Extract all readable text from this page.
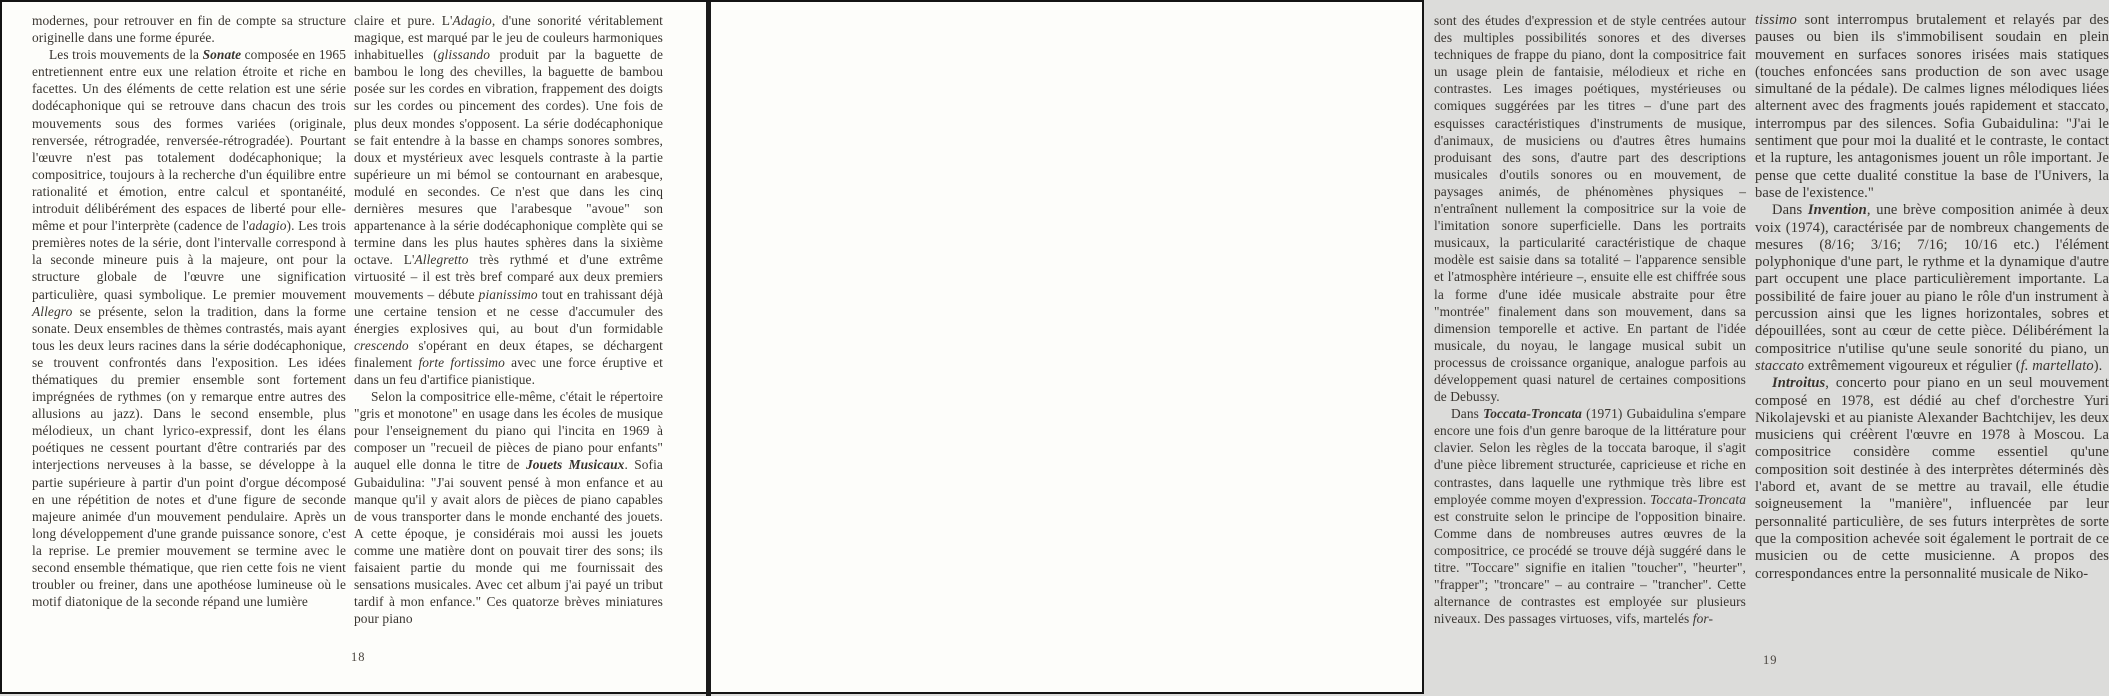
modernes, pour retrouver en fin de compte sa structure originelle dans une forme épurée.

Les trois mouvements de la Sonate composée en 1965 entretiennent entre eux une relation étroite et riche en facettes. Un des éléments de cette relation est une série dodécaphonique qui se retrouve dans chacun des trois mouvements sous des formes variées (originale, renversée, rétrogradée, renversée-rétrogradée). Pourtant l'œuvre n'est pas totalement dodécaphonique; la compositrice, toujours à la recherche d'un équilibre entre rationalité et émotion, entre calcul et spontanéité, introduit délibérément des espaces de liberté pour elle-même et pour l'interprète (cadence de l'adagio). Les trois premières notes de la série, dont l'intervalle correspond à la seconde mineure puis à la majeure, ont pour la structure globale de l'œuvre une signification particulière, quasi symbolique. Le premier mouvement Allegro se présente, selon la tradition, dans la forme sonate. Deux ensembles de thèmes contrastés, mais ayant tous les deux leurs racines dans la série dodécaphonique, se trouvent confrontés dans l'exposition. Les idées thématiques du premier ensemble sont fortement imprégnées de rythmes (on y remarque entre autres des allusions au jazz). Dans le second ensemble, plus mélodieux, un chant lyrico-expressif, dont les élans poétiques ne cessent pourtant d'être contrariés par des interjections nerveuses à la basse, se développe à la partie supérieure à partir d'un point d'orgue décomposé en une répétition de notes et d'une figure de seconde majeure animée d'un mouvement pendulaire. Après un long développement d'une grande puissance sonore, c'est la reprise. Le premier mouvement se termine avec le second ensemble thématique, que rien cette fois ne vient troubler ou freiner, dans une apothéose lumineuse où le motif diatonique de la seconde répand une lumière

claire et pure. L'Adagio, d'une sonorité véritablement magique, est marqué par le jeu de couleurs harmoniques inhabituelles (glissando produit par la baguette de bambou le long des chevilles, la baguette de bambou posée sur les cordes en vibration, frappement des doigts sur les cordes ou pincement des cordes). Une fois de plus deux mondes s'opposent. La série dodécaphonique se fait entendre à la basse en champs sonores sombres, doux et mystérieux avec lesquels contraste à la partie supérieure un mi bémol se contournant en arabesque, modulé en secondes. Ce n'est que dans les cinq dernières mesures que l'arabesque "avoue" son appartenance à la série dodécaphonique complète qui se termine dans les plus hautes sphères dans la sixième octave. L'Allegretto très rythmé et d'une extrême virtuosité – il est très bref comparé aux deux premiers mouvements – débute pianissimo tout en trahissant déjà une certaine tension et ne cesse d'accumuler des énergies explosives qui, au bout d'un formidable crescendo s'opérant en deux étapes, se déchargent finalement forte fortissimo avec une force éruptive et dans un feu d'artifice pianistique.

Selon la compositrice elle-même, c'était le répertoire "gris et monotone" en usage dans les écoles de musique pour l'enseignement du piano qui l'incita en 1969 à composer un "recueil de pièces de piano pour enfants" auquel elle donna le titre de Jouets Musicaux. Sofia Gubaidulina: "J'ai souvent pensé à mon enfance et au manque qu'il y avait alors de pièces de piano capables de vous transporter dans le monde enchanté des jouets. A cette époque, je considérais moi aussi les jouets comme une matière dont on pouvait tirer des sons; ils faisaient partie du monde qui me fournissait des sensations musicales. Avec cet album j'ai payé un tribut tardif à mon enfance." Ces quatorze brèves miniatures pour piano

18

sont des études d'expression et de style centrées autour des multiples possibilités sonores et des diverses techniques de frappe du piano, dont la compositrice fait un usage plein de fantaisie, mélodieux et riche en contrastes. Les images poétiques, mystérieuses ou comiques suggérées par les titres – d'une part des esquisses caractéristiques d'instruments de musique, d'animaux, de musiciens ou d'autres êtres humains produisant des sons, d'autre part des descriptions musicales d'outils sonores ou en mouvement, de paysages animés, de phénomènes physiques – n'entraînent nullement la compositrice sur la voie de l'imitation sonore superficielle. Dans les portraits musicaux, la particularité caractéristique de chaque modèle est saisie dans sa totalité – l'apparence sensible et l'atmosphère intérieure –, ensuite elle est chiffrée sous la forme d'une idée musicale abstraite pour être "montrée" finalement dans son mouvement, dans sa dimension temporelle et active. En partant de l'idée musicale, du noyau, le langage musical subit un processus de croissance organique, analogue parfois au développement quasi naturel de certaines compositions de Debussy.

Dans Toccata-Troncata (1971) Gubaidulina s'empare encore une fois d'un genre baroque de la littérature pour clavier. Selon les règles de la toccata baroque, il s'agit d'une pièce librement structurée, capricieuse et riche en contrastes, dans laquelle une rythmique très libre est employée comme moyen d'expression. Toccata-Troncata est construite selon le principe de l'opposition binaire. Comme dans de nombreuses autres œuvres de la compositrice, ce procédé se trouve déjà suggéré dans le titre. "Toccare" signifie en italien "toucher", "heurter", "frapper"; "troncare" – au contraire – "trancher". Cette alternance de contrastes est employée sur plusieurs niveaux. Des passages virtuoses, vifs, martelés for-

tissimo sont interrompus brutalement et relayés par des pauses ou bien ils s'immobilisent soudain en plein mouvement en surfaces sonores irisées mais statiques (touches enfoncées sans production de son avec usage simultané de la pédale). De calmes lignes mélodiques liées alternent avec des fragments joués rapidement et staccato, interrompus par des silences. Sofia Gubaidulina: "J'ai le sentiment que pour moi la dualité et le contraste, le contact et la rupture, les antagonismes jouent un rôle important. Je pense que cette dualité constitue la base de l'Univers, la base de l'existence."

Dans Invention, une brève composition animée à deux voix (1974), caractérisée par de nombreux changements de mesures (8/16; 3/16; 7/16; 10/16 etc.) l'élément polyphonique d'une part, le rythme et la dynamique d'autre part occupent une place particulièrement importante. La possibilité de faire jouer au piano le rôle d'un instrument à percussion ainsi que les lignes horizontales, sobres et dépouillées, sont au cœur de cette pièce. Délibérément la compositrice n'utilise qu'une seule sonorité du piano, un staccato extrêmement vigoureux et régulier (f. martellato).

Introitus, concerto pour piano en un seul mouvement composé en 1978, est dédié au chef d'orchestre Yuri Nikolajevski et au pianiste Alexander Bachtchijev, les deux musiciens qui créèrent l'œuvre en 1978 à Moscou. La compositrice considère comme essentiel qu'une composition soit destinée à des interprètes déterminés dès l'abord et, avant de se mettre au travail, elle étudie soigneusement la "manière", influencée par leur personnalité particulière, de ses futurs interprètes de sorte que la composition achevée soit également le portrait de ce musicien ou de cette musicienne. A propos des correspondances entre la personnalité musicale de Niko-

19
